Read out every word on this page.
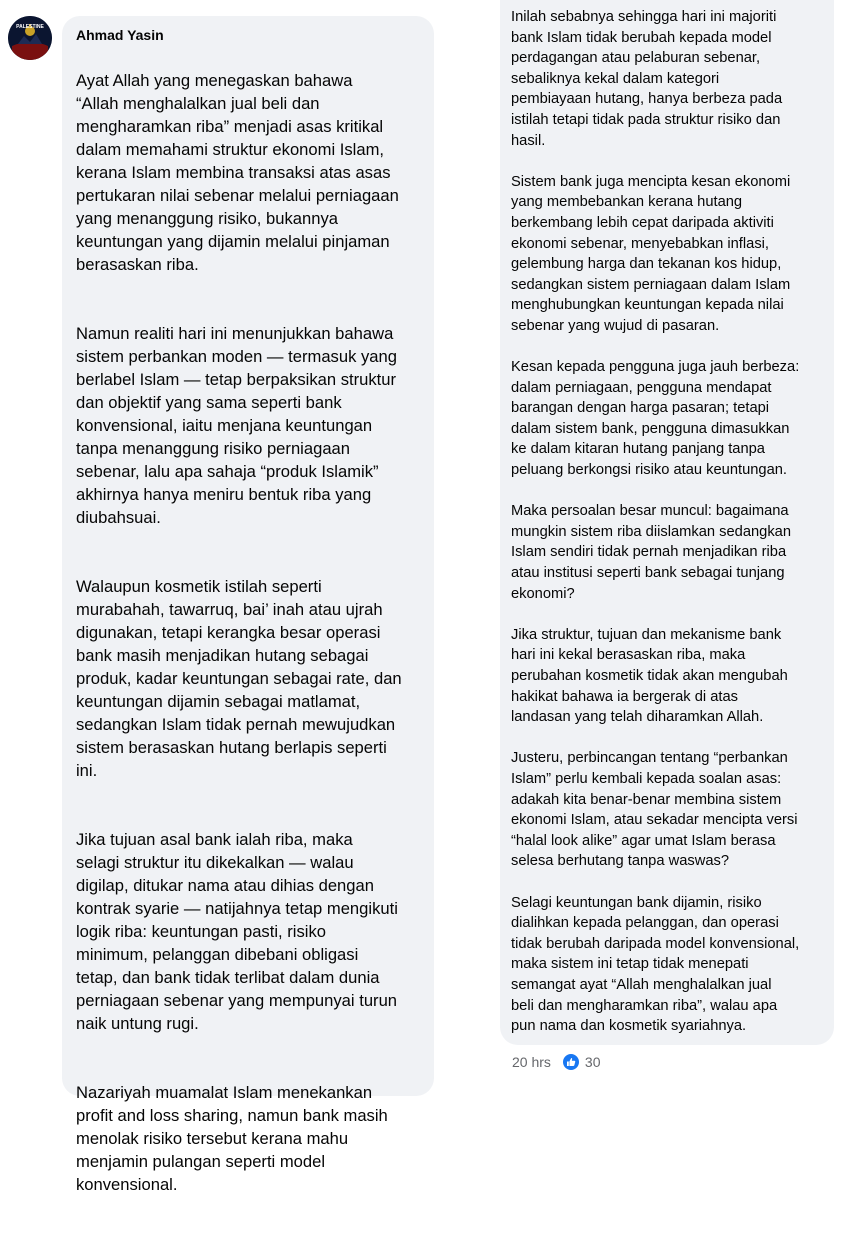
PALESTINE Ahmad Yasin

Ayat Allah yang menegaskan bahawa
“Allah menghalalkan jual beli dan
mengharamkan riba” menjadi asas kritikal
dalam memahami struktur ekonomi Islam,
kerana Islam membina transaksi atas asas
pertukaran nilai sebenar melalui perniagaan
yang menanggung risiko, bukannya
keuntungan yang dijamin melalui pinjaman
berasaskan riba.

Namun realiti hari ini menunjukkan bahawa
sistem perbankan moden — termasuk yang
berlabel Islam — tetap berpaksikan struktur
dan objektif yang sama seperti bank
konvensional, iaitu menjana keuntungan
tanpa menanggung risiko perniagaan
sebenar, lalu apa sahaja “produk Islamik”
akhirnya hanya meniru bentuk riba yang
diubahsuai.

Walaupun kosmetik istilah seperti
murabahah, tawarruq, bai’ inah atau ujrah
digunakan, tetapi kerangka besar operasi
bank masih menjadikan hutang sebagai
produk, kadar keuntungan sebagai rate, dan
keuntungan dijamin sebagai matlamat,
sedangkan Islam tidak pernah mewujudkan
sistem berasaskan hutang berlapis seperti
ini.

Jika tujuan asal bank ialah riba, maka
selagi struktur itu dikekalkan — walau
digilap, ditukar nama atau dihias dengan
kontrak syarie — natijahnya tetap mengikuti
logik riba: keuntungan pasti, risiko
minimum, pelanggan dibebani obligasi
tetap, dan bank tidak terlibat dalam dunia
perniagaan sebenar yang mempunyai turun
naik untung rugi.

Nazariyah muamalat Islam menekankan
profit and loss sharing, namun bank masih
menolak risiko tersebut kerana mahu
menjamin pulangan seperti model
konvensional.

Inilah sebabnya sehingga hari ini majoriti
bank Islam tidak berubah kepada model
perdagangan atau pelaburan sebenar,
sebaliknya kekal dalam kategori
pembiayaan hutang, hanya berbeza pada
istilah tetapi tidak pada struktur risiko dan
hasil.

Sistem bank juga mencipta kesan ekonomi
yang membebankan kerana hutang
berkembang lebih cepat daripada aktiviti
ekonomi sebenar, menyebabkan inflasi,
gelembung harga dan tekanan kos hidup,
sedangkan sistem perniagaan dalam Islam
menghubungkan keuntungan kepada nilai
sebenar yang wujud di pasaran.

Kesan kepada pengguna juga jauh berbeza:
dalam perniagaan, pengguna mendapat
barangan dengan harga pasaran; tetapi
dalam sistem bank, pengguna dimasukkan
ke dalam kitaran hutang panjang tanpa
peluang berkongsi risiko atau keuntungan.

Maka persoalan besar muncul: bagaimana
mungkin sistem riba diislamkan sedangkan
Islam sendiri tidak pernah menjadikan riba
atau institusi seperti bank sebagai tunjang
ekonomi?

Jika struktur, tujuan dan mekanisme bank
hari ini kekal berasaskan riba, maka
perubahan kosmetik tidak akan mengubah
hakikat bahawa ia bergerak di atas
landasan yang telah diharamkan Allah.

Justeru, perbincangan tentang “perbankan
Islam” perlu kembali kepada soalan asas:
adakah kita benar-benar membina sistem
ekonomi Islam, atau sekadar mencipta versi
“halal look alike” agar umat Islam berasa
selesa berhutang tanpa waswas?

Selagi keuntungan bank dijamin, risiko
dialihkan kepada pelanggan, dan operasi
tidak berubah daripada model konvensional,
maka sistem ini tetap tidak menepati
semangat ayat “Allah menghalalkan jual
beli dan mengharamkan riba”, walau apa
pun nama dan kosmetik syariahnya.

20 hrs 30
